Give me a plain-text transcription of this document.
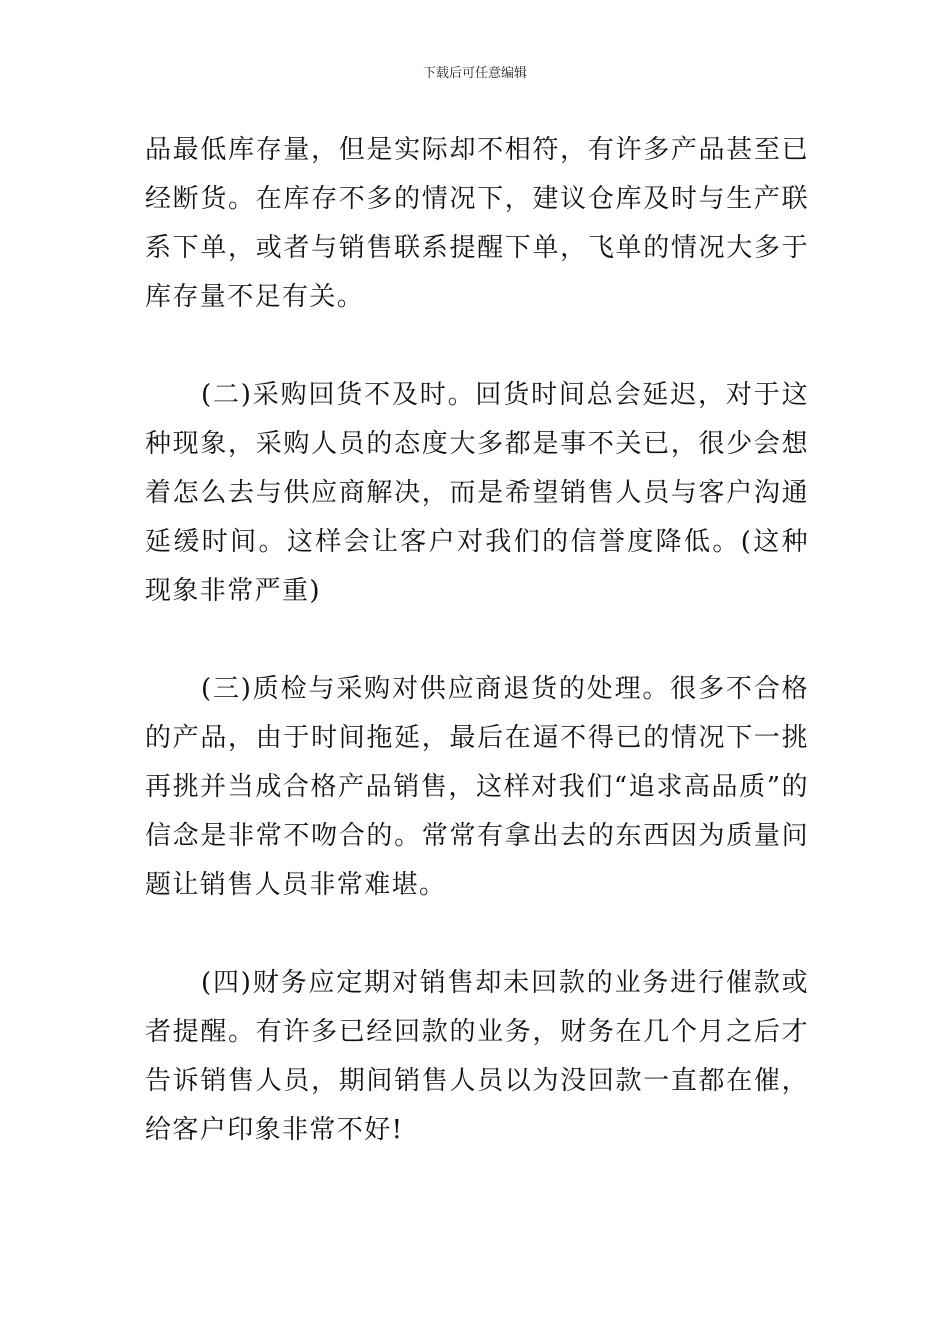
下载后可任意编辑

品最低库存量，但是实际却不相符，有许多产品甚至已经断货。在库存不多的情况下，建议仓库及时与生产联系下单，或者与销售联系提醒下单，飞单的情况大多于库存量不足有关。

(二)采购回货不及时。回货时间总会延迟，对于这种现象，采购人员的态度大多都是事不关已，很少会想着怎么去与供应商解决，而是希望销售人员与客户沟通延缓时间。这样会让客户对我们的信誉度降低。(这种现象非常严重)

(三)质检与采购对供应商退货的处理。很多不合格的产品，由于时间拖延，最后在逼不得已的情况下一挑再挑并当成合格产品销售，这样对我们“追求高品质”的信念是非常不吻合的。常常有拿出去的东西因为质量问题让销售人员非常难堪。

(四)财务应定期对销售却未回款的业务进行催款或者提醒。有许多已经回款的业务，财务在几个月之后才告诉销售人员，期间销售人员以为没回款一直都在催，给客户印象非常不好!
